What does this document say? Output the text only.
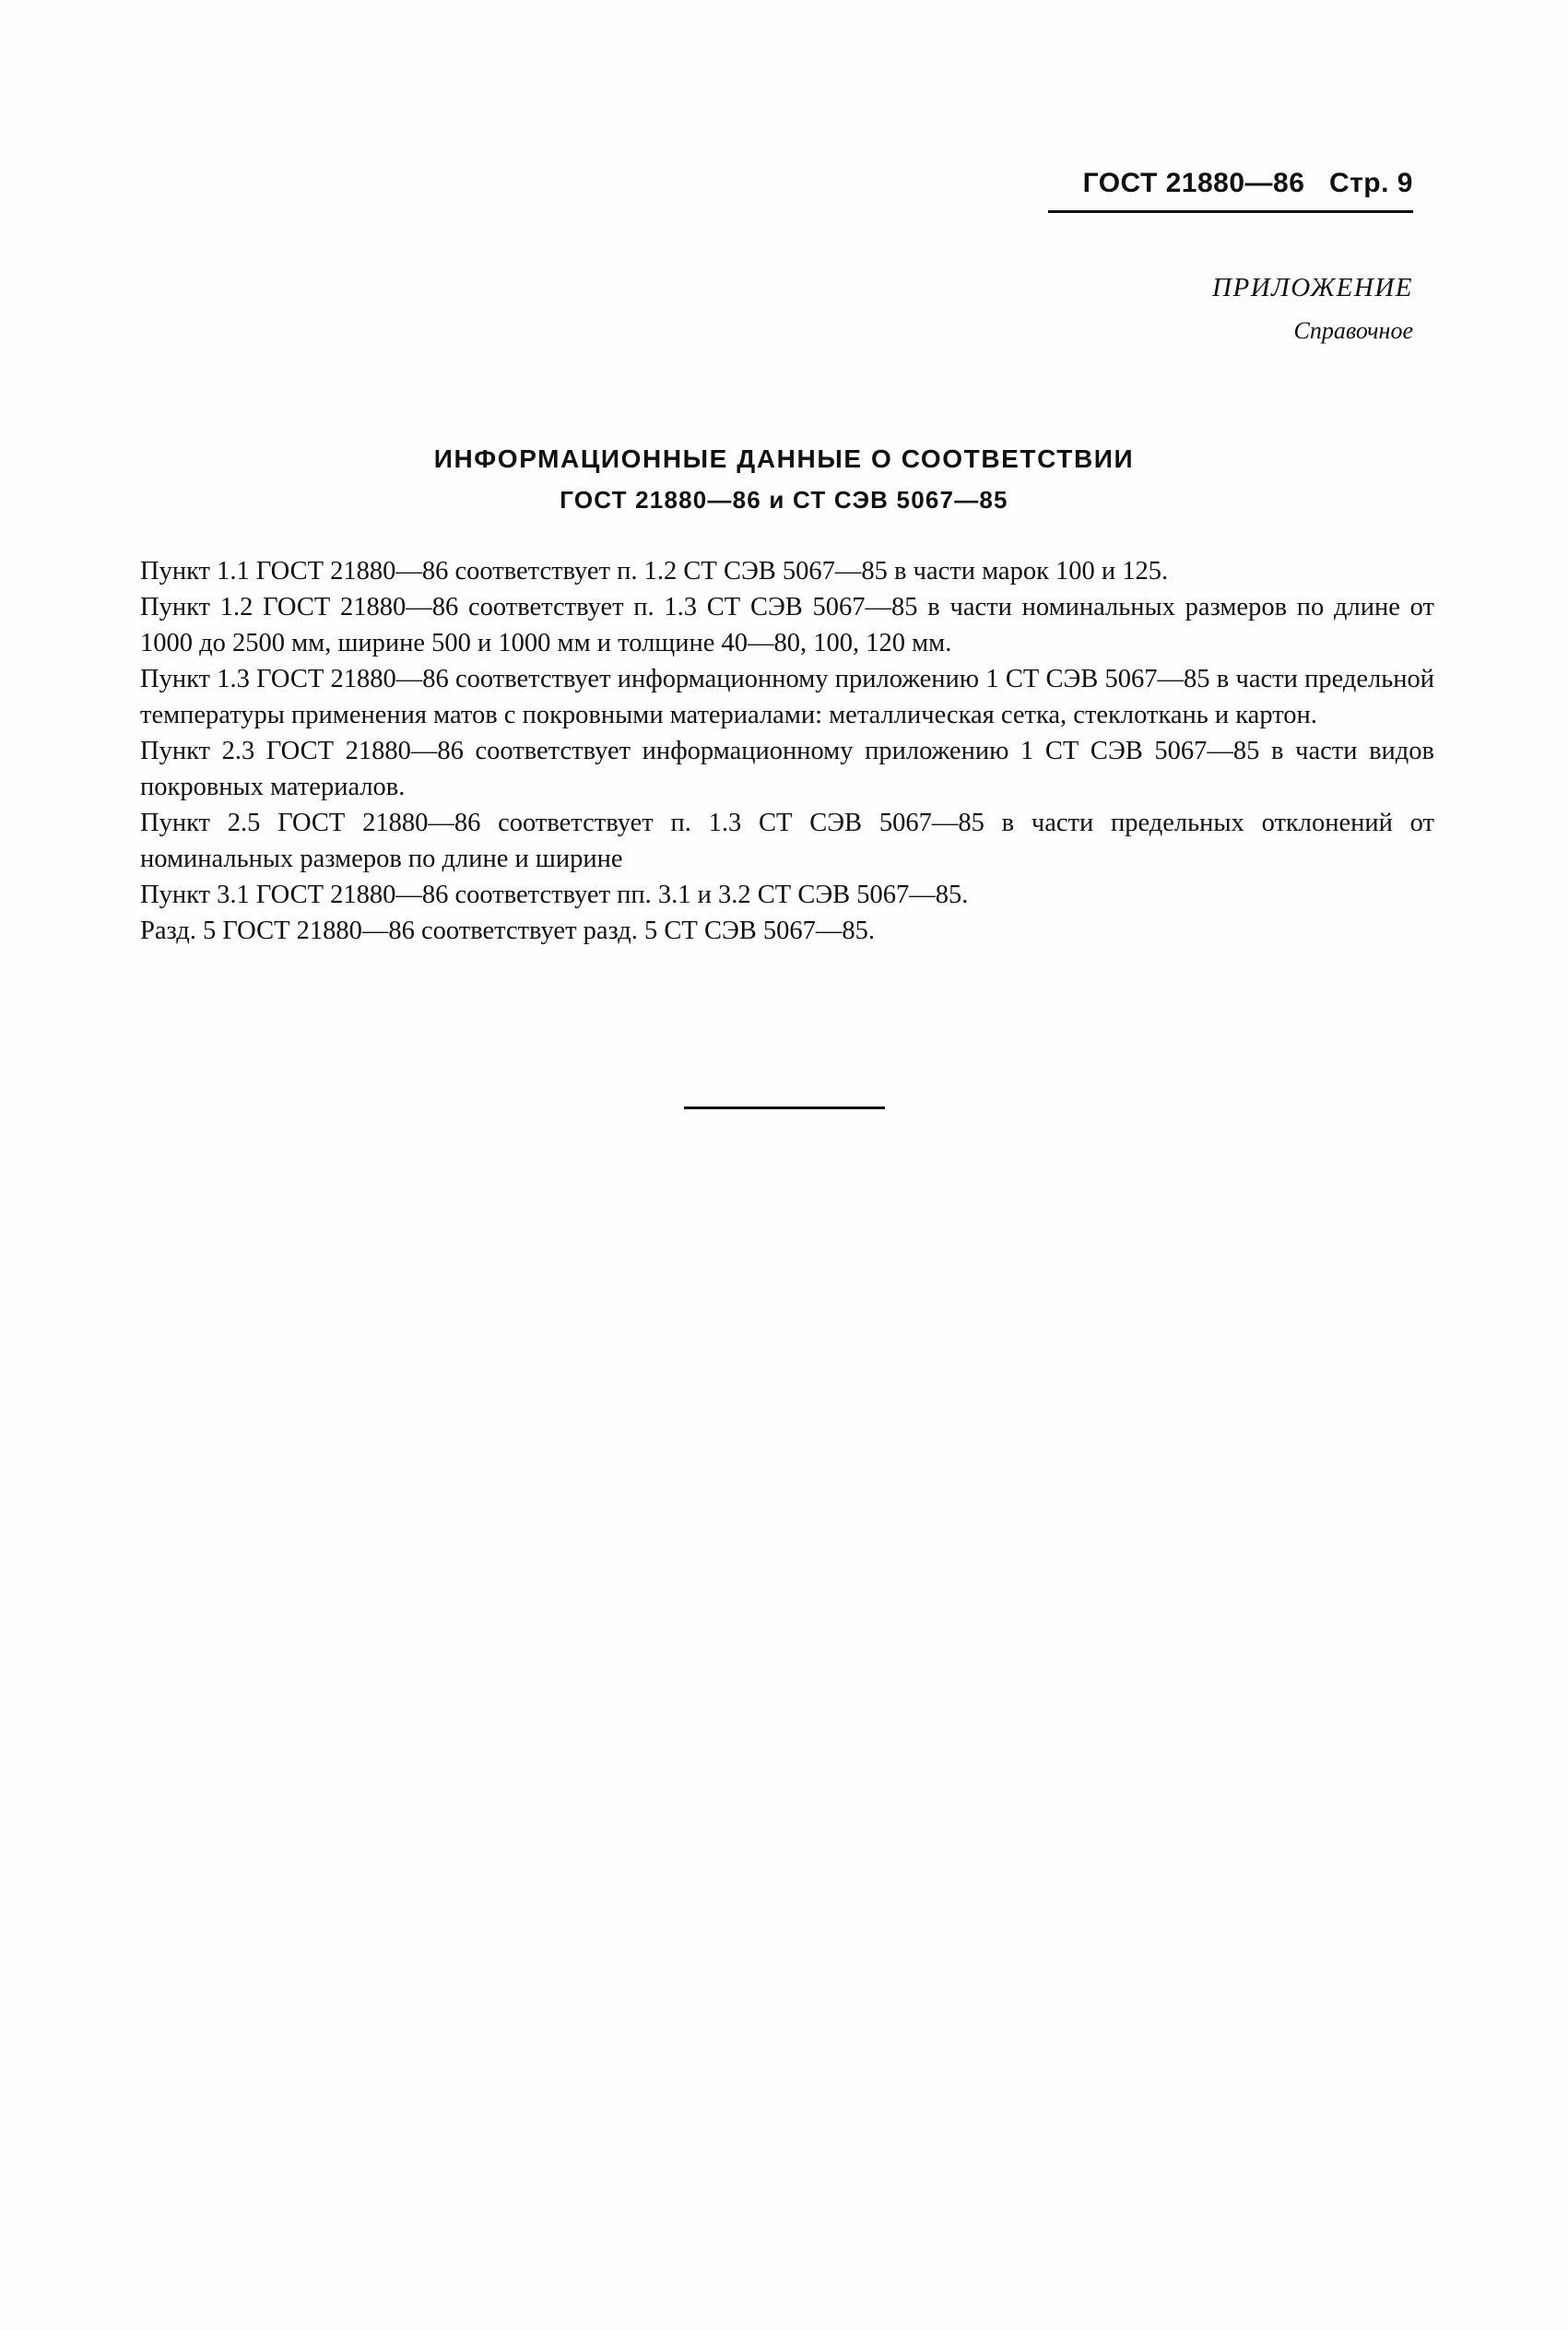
ГОСТ 21880—86 Стр. 9
ПРИЛОЖЕНИЕ
Справочное
ИНФОРМАЦИОННЫЕ ДАННЫЕ О СООТВЕТСТВИИ
ГОСТ 21880—86 и СТ СЭВ 5067—85

Пункт 1.1 ГОСТ 21880—86 соответствует п. 1.2 СТ СЭВ 5067—85 в части марок 100 и 125.

Пункт 1.2 ГОСТ 21880—86 соответствует п. 1.3 СТ СЭВ 5067—85 в части номинальных размеров по длине от 1000 до 2500 мм, ширине 500 и 1000 мм и толщине 40—80, 100, 120 мм.

Пункт 1.3 ГОСТ 21880—86 соответствует информационному приложению 1 СТ СЭВ 5067—85 в части предельной температуры применения матов с покровными материалами: металлическая сетка, стеклоткань и картон.

Пункт 2.3 ГОСТ 21880—86 соответствует информационному приложению 1 СТ СЭВ 5067—85 в части видов покровных материалов.

Пункт 2.5 ГОСТ 21880—86 соответствует п. 1.3 СТ СЭВ 5067—85 в части предельных отклонений от номинальных размеров по длине и ширине

Пункт 3.1 ГОСТ 21880—86 соответствует пп. 3.1 и 3.2 СТ СЭВ 5067—85.

Разд. 5 ГОСТ 21880—86 соответствует разд. 5 СТ СЭВ 5067—85.
